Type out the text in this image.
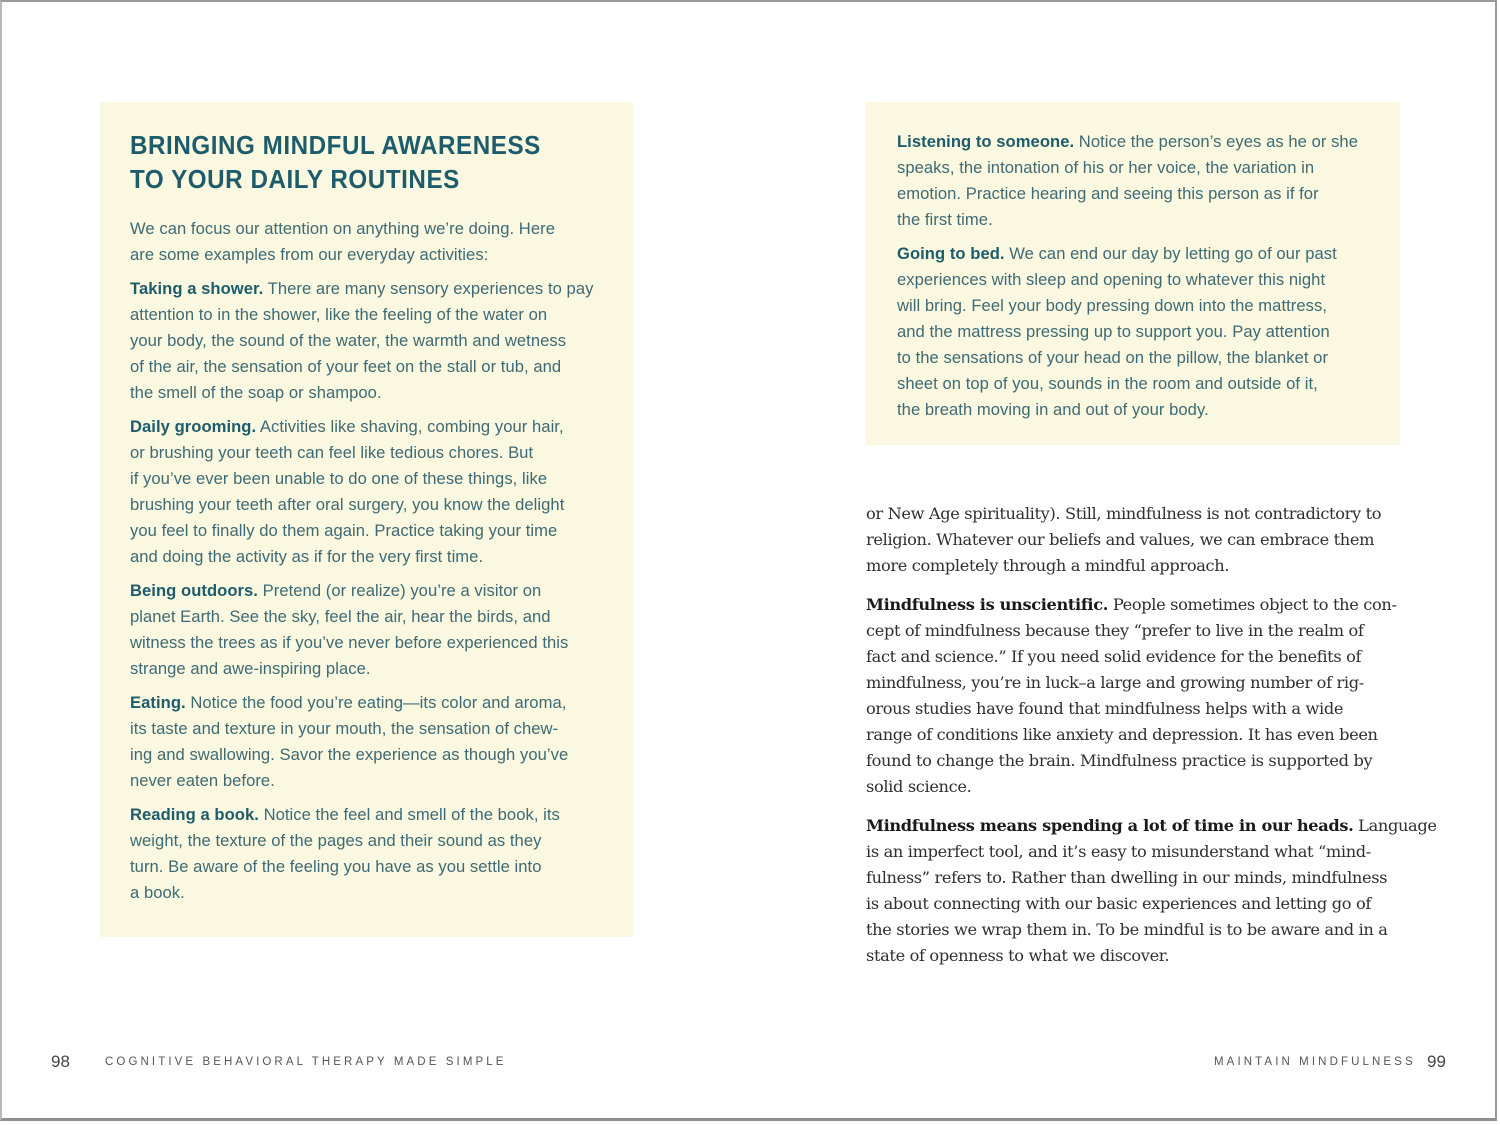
BRINGING MINDFUL AWARENESS
TO YOUR DAILY ROUTINES

We can focus our attention on anything we’re doing. Here
are some examples from our everyday activities:

Taking a shower. There are many sensory experiences to pay
attention to in the shower, like the feeling of the water on
your body, the sound of the water, the warmth and wetness
of the air, the sensation of your feet on the stall or tub, and
the smell of the soap or shampoo.

Daily grooming. Activities like shaving, combing your hair,
or brushing your teeth can feel like tedious chores. But
if you’ve ever been unable to do one of these things, like
brushing your teeth after oral surgery, you know the delight
you feel to finally do them again. Practice taking your time
and doing the activity as if for the very first time.

Being outdoors. Pretend (or realize) you’re a visitor on
planet Earth. See the sky, feel the air, hear the birds, and
witness the trees as if you’ve never before experienced this
strange and awe-inspiring place.

Eating. Notice the food you’re eating—its color and aroma,
its taste and texture in your mouth, the sensation of chew-
ing and swallowing. Savor the experience as though you’ve
never eaten before.

Reading a book. Notice the feel and smell of the book, its
weight, the texture of the pages and their sound as they
turn. Be aware of the feeling you have as you settle into
a book.

Listening to someone. Notice the person’s eyes as he or she
speaks, the intonation of his or her voice, the variation in
emotion. Practice hearing and seeing this person as if for
the first time.

Going to bed. We can end our day by letting go of our past
experiences with sleep and opening to whatever this night
will bring. Feel your body pressing down into the mattress,
and the mattress pressing up to support you. Pay attention
to the sensations of your head on the pillow, the blanket or
sheet on top of you, sounds in the room and outside of it,
the breath moving in and out of your body.

or New Age spirituality). Still, mindfulness is not contradictory to
religion. Whatever our beliefs and values, we can embrace them
more completely through a mindful approach.

Mindfulness is unscientific. People sometimes object to the con-
cept of mindfulness because they “prefer to live in the realm of
fact and science.” If you need solid evidence for the benefits of
mindfulness, you’re in luck–a large and growing number of rig-
orous studies have found that mindfulness helps with a wide
range of conditions like anxiety and depression. It has even been
found to change the brain. Mindfulness practice is supported by
solid science.

Mindfulness means spending a lot of time in our heads. Language
is an imperfect tool, and it’s easy to misunderstand what “mind-
fulness” refers to. Rather than dwelling in our minds, mindfulness
is about connecting with our basic experiences and letting go of
the stories we wrap them in. To be mindful is to be aware and in a
state of openness to what we discover.

98	COGNITIVE BEHAVIORAL THERAPY MADE SIMPLE	MAINTAIN MINDFULNESS 99
